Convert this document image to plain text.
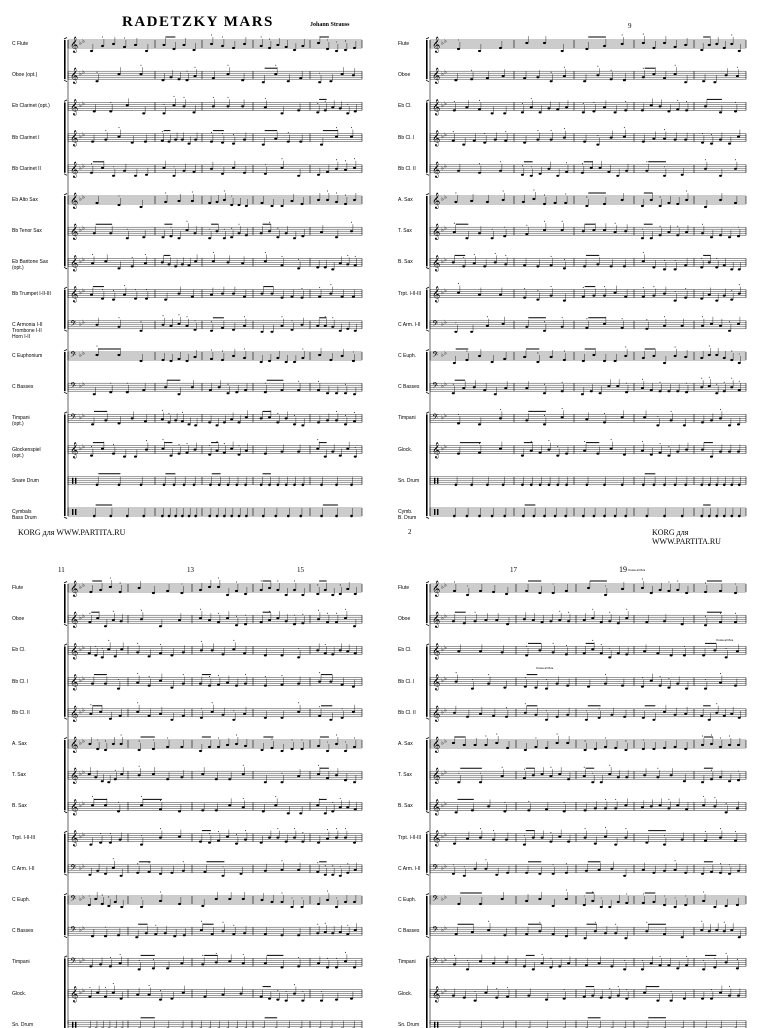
𝄞 ♭ ♭
𝄞 ♭ ♭
𝄞 ♭ ♭
𝄞 ♭ ♭
𝄞 ♭ ♭
𝄞 ♭ ♭
𝄞 ♭ ♭
𝄞 ♭ ♭
𝄞 ♭ ♭
𝄢 ♭ ♭
𝄢 ♭ ♭
𝄢 ♭ ♭
𝄢 ♭ ♭
𝄞 ♭ ♭
RADETZKY MARS	Johann Strauss
KORG для WWW.PARTITA.RU
C Flute
Oboe (opt.)
Eb Clarinet (opt.)
Bb Clarinet I
Bb Clarinet II
Eb Alto Sax
Bb Tenor Sax
Eb Baritone Sax
(opt.)
Bb Trumpet I-II-III
C Armonia I-II
Trombone I-II
Horn I-II
C Euphonium
C Basses
Timpani
(opt.)
Glockenspiel
(opt.)
Snare Drum
Cymbals
Bass Drum
𝄞 ♭ ♭
𝄞 ♭ ♭
𝄞 ♭ ♭
𝄞 ♭ ♭
𝄞 ♭ ♭
𝄞 ♭ ♭
𝄞 ♭ ♭
𝄞 ♭ ♭
𝄞 ♭ ♭
𝄢 ♭ ♭
𝄢 ♭ ♭
𝄢 ♭ ♭
𝄢 ♭ ♭
𝄞 ♭ ♭
9
2	KORG для WWW.PARTITA.RU
Flute
Oboe
Eb Cl.
Bb Cl. I
Bb Cl. II
A. Sax
T. Sax
B. Sax
Trpt. I-II-III
C Arm. I-II
C Euph.
C Basses
Timpani
Glock.
Sn. Drum
Cymb.
B. Drum
𝄞 ♭ ♭
𝄞 ♭ ♭
𝄞 ♭ ♭
𝄞 ♭ ♭
𝄞 ♭ ♭
𝄞 ♭ ♭
𝄞 ♭ ♭
𝄞 ♭ ♭
𝄞 ♭ ♭
𝄢 ♭ ♭
𝄢 ♭ ♭
𝄢 ♭ ♭
𝄢 ♭ ♭
𝄞 ♭ ♭
11	13	15
Flute
Oboe
Eb Cl.
Bb Cl. I
Bb Cl. II
A. Sax
T. Sax
B. Sax
Trpt. I-II-III
C Arm. I-II
C Euph.
C Basses
Timpani
Glock.
Sn. Drum
𝄞 ♭ ♭
𝄞 ♭ ♭
𝄞 ♭ ♭
𝄞 ♭ ♭
𝄞 ♭ ♭
𝄞 ♭ ♭
𝄞 ♭ ♭
𝄞 ♭ ♭
𝄞 ♭ ♭
𝄢 ♭ ♭
𝄢 ♭ ♭
𝄢 ♭ ♭
𝄢 ♭ ♭
𝄞 ♭ ♭
17	19 Ossia all 8va
Ossia all 8va
Ossia all 8va
Flute
Oboe
Eb Cl.
Bb Cl. I
Bb Cl. II
A. Sax
T. Sax
B. Sax
Trpt. I-II-III
C Arm. I-II
C Euph.
C Basses
Timpani
Glock.
Sn. Drum
